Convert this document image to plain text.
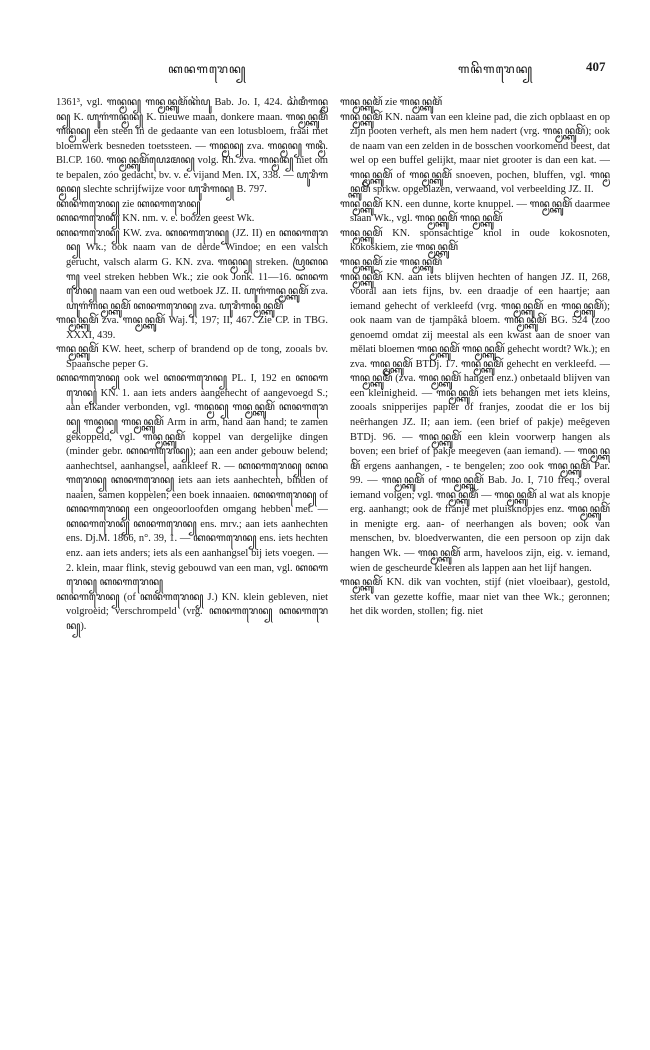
ꦏꦤꦒꦫꦺꦤ꧀	ꦒꦤꦼꦒꦫꦺꦤ꧀	407

1361³, vgl. ꦒꦤ꧀ꦩꦤ꧀ ꦒꦤ꧀ꦩꦤ꧀ꦏꦸꦩꦼꦂꦏꦼꦥꦸ Bab. Jo. I, 424. ꦱꦼꦩꦶꦒꦤ꧀ꦩꦤ꧀ K. ꦲꦸꦒꦁꦒꦤ꧀ꦩꦤ꧀ K. nieuwe maan, donkere maan. ꦒꦤ꧀ꦩꦤ꧀ꦏꦸꦩꦼꦂ ꦒꦤ꧀ꦩꦤ꧀ een steen in de gedaante van een lotusbloem, fraai met bloemwerk besneden toetssteen. — ꦒꦤ꧀ꦩꦤ꧀ zva. ꦒꦤ꧀ꦩꦤ꧀ ꦒꦤ꧀ꦩꦶ. Bl.CP. 160. ꦒꦤ꧀ꦩꦤ꧀ꦏꦸꦩꦼꦂꦥꦺꦴꦩꦤ꧀ volg. Rh. zva. ꦒꦤ꧀ꦩꦤ꧀ niet om te bepalen, zóo gedacht, bv. v. e. vijand Men. IX, 338. — ꦲꦸꦫꦶꦒꦤ꧀ꦩꦤ꧀ slechte schrijfwijze voor ꦲꦸꦫꦶꦒꦤ꧀ B. 797.

ꦏꦤꦒꦫꦺꦤ꧀ zie ꦏꦤꦒꦫꦺꦤ꧀

ꦏꦤꦒꦫꦺꦤ꧀ KN. nm. v. e. boozen geest Wk.

ꦏꦤꦒꦫꦺꦤ꧀ KW. zva. ꦏꦤꦒꦫꦺꦤ꧀ (JZ. II) en ꦏꦤꦒꦫꦺꦤ꧀ Wk.; ook naam van de derde Windoe; en een valsch gerucht, valsch alarm G. KN. zva. ꦒꦤ꧀ꦩꦤ꧀ streken. ꦥꦿꦏꦤꦒ꧀ veel streken hebben Wk.; zie ook Jonk. 11—16. ꦏꦤꦒꦫꦺꦤ꧀ naam van een oud wetboek JZ. II. ꦲꦸꦒꦁꦒꦤ꧀ꦩꦤ꧀ꦏꦸꦩꦼꦂ zva. ꦲꦸꦒꦁꦒꦤ꧀ꦩꦤ꧀ꦏꦸꦩꦼꦂ ꦏꦤꦒꦫꦺꦤ꧀ zva. ꦲꦸꦫꦶꦒꦤ꧀ꦩꦤ꧀ꦏꦸꦩꦼꦂ

ꦒꦤ꧀ꦩꦤ꧀ꦏꦸꦩꦼꦂ zva. ꦒꦤ꧀ꦩꦤ꧀ꦏꦸꦩꦼꦂ Waj. I, 197; II, 467. Zie CP. in TBG. XXXI, 439.

ꦒꦤ꧀ꦩꦤ꧀ꦏꦸꦩꦼꦂ KW. heet, scherp of brandend op de tong, zooals bv. Spaansche peper G.

ꦏꦤꦒꦫꦺꦤ꧀ ook wel ꦏꦤꦒꦫꦺꦤ꧀ PL. I, 192 en ꦏꦤꦒꦫꦺꦤ꧀ KN. 1. aan iets anders aangehecht of aangevoegd S.; aan elkander verbonden, vgl. ꦒꦤ꧀ꦩꦤ꧀ ꦒꦤ꧀ꦩꦤ꧀ꦏꦸꦩꦼꦂ ꦏꦤꦒꦫꦺꦤ꧀ ꦒꦤ꧀ꦩꦤ꧀ ꦒꦤ꧀ꦩꦤ꧀ꦏꦸꦩꦼꦂ Arm in arm, hand aan hand; te zamen gekoppeld, vgl. ꦒꦤ꧀ꦩꦤ꧀ꦏꦸꦩꦼꦂ koppel van dergelijke dingen (minder gebr. ꦏꦤꦒꦫꦺꦤ꧀); aan een ander gebouw belend; aanhechtsel, aanhangsel, aankleef R. — ꦏꦤꦒꦫꦺꦤ꧀ ꦏꦤꦒꦫꦺꦤ꧀ ꦏꦤꦒꦫꦺꦤ꧀ iets aan iets aanhechten, binden of naaien, samen koppelen; een boek innaaien. ꦏꦤꦒꦫꦺꦤ꧀ of ꦏꦤꦒꦫꦺꦤ꧀ een ongeoorloofden omgang hebben met. — ꦏꦤꦒꦫꦺꦤ꧀ ꦏꦤꦒꦫꦺꦤ꧀ ens. mrv.; aan iets aanhechten ens. Dj.M. 1866, n°. 39, 1. — ꦏꦤꦒꦫꦺꦤ꧀ ens. iets hechten enz. aan iets anders; iets als een aanhangsel bij iets voegen. — 2. klein, maar flink, stevig gebouwd van een man, vgl. ꦏꦤꦒꦫꦺꦤ꧀ ꦏꦤꦒꦫꦺꦤ꧀

ꦏꦤꦒꦫꦺꦤ꧀ (of ꦏꦤꦒꦫꦺꦤ꧀ J.) KN. klein gebleven, niet volgroeid; verschrompeld (vrg. ꦏꦤꦒꦫꦺꦤ꧀ ꦏꦤꦒꦫꦺꦤ꧀).

ꦒꦤ꧀ꦩꦤ꧀ꦏꦸꦩꦼꦂ zie ꦒꦤ꧀ꦩꦤ꧀ꦏꦸꦩꦼꦂ

ꦒꦤ꧀ꦩꦤ꧀ꦏꦸꦩꦼꦂ KN. naam van een kleine pad, die zich opblaast en op zijn pooten verheft, als men hem nadert (vrg. ꦒꦤ꧀ꦩꦤ꧀ꦏꦸꦩꦼꦂ); ook de naam van een zelden in de bosschen voorkomend beest, dat wel op een buffel gelijkt, maar niet grooter is dan een kat. — ꦒꦤ꧀ꦩꦤ꧀ꦏꦸꦩꦼꦂ of ꦒꦤ꧀ꦩꦤ꧀ꦏꦸꦩꦼꦂ snoeven, pochen, bluffen, vgl. ꦒꦤ꧀ꦩꦤ꧀ꦏꦸꦩꦼꦂ sprkw. opgeblazen, verwaand, vol verbeelding JZ. II.

ꦒꦤ꧀ꦩꦤ꧀ꦏꦸꦩꦼꦂ KN. een dunne, korte knuppel. — ꦒꦤ꧀ꦩꦤ꧀ꦏꦸꦩꦼꦂ daarmee slaan Wk., vgl. ꦒꦤ꧀ꦩꦤ꧀ꦏꦸꦩꦼꦂ ꦒꦤ꧀ꦩꦤ꧀ꦏꦸꦩꦼꦂ

ꦒꦤ꧀ꦩꦤ꧀ꦏꦸꦩꦼꦂ KN. sponsachtige knol in oude kokosnoten, kokoskiem, zie ꦒꦤ꧀ꦩꦤ꧀ꦏꦸꦩꦼꦂ

ꦒꦤ꧀ꦩꦤ꧀ꦏꦸꦩꦼꦂ zie ꦒꦤ꧀ꦩꦤ꧀ꦏꦸꦩꦼꦂ

ꦒꦤ꧀ꦩꦤ꧀ꦏꦸꦩꦼꦂ KN. aan iets blijven hechten of hangen JZ. II, 268, vooral aan iets fijns, bv. een draadje of een haartje; aan iemand gehecht of verkleefd (vrg. ꦒꦤ꧀ꦩꦤ꧀ꦏꦸꦩꦼꦂ en ꦒꦤ꧀ꦩꦤ꧀ꦏꦸꦩꦼꦂ); ook naam van de tjampåkå bloem. ꦒꦤ꧀ꦩꦤ꧀ꦏꦸꦩꦼꦂ BG. 524 (zoo genoemd omdat zij meestal als een kwast aan de snoer van mělati bloemen ꦒꦤ꧀ꦩꦤ꧀ꦏꦸꦩꦼꦂ ꦒꦤ꧀ꦩꦤ꧀ꦏꦸꦩꦼꦂ gehecht wordt? Wk.); en zva. ꦒꦤ꧀ꦩꦤ꧀ꦏꦸꦩꦼꦂ BTDj. 17. ꦒꦤ꧀ꦩꦤ꧀ꦏꦸꦩꦼꦂ gehecht en verkleefd. — ꦒꦤ꧀ꦩꦤ꧀ꦏꦸꦩꦼꦂ (zva. ꦒꦤ꧀ꦩꦤ꧀ꦏꦸꦩꦼꦂ hangen enz.) onbetaald blijven van een kleinigheid. — ꦒꦤ꧀ꦩꦤ꧀ꦏꦸꦩꦼꦂ iets behangen met iets kleins, zooals snipperijes papier of franjes, zoodat die er los bij neêrhangen JZ. II; aan iem. (een brief of pakje) meêgeven BTDj. 96. — ꦒꦤ꧀ꦩꦤ꧀ꦏꦸꦩꦼꦂ een klein voorwerp hangen als boven; een brief of pakje meegeven (aan iemand). — ꦒꦤ꧀ꦩꦤ꧀ꦏꦸꦩꦼꦂ ergens aanhangen, - te bengelen; zoo ook ꦒꦤ꧀ꦩꦤ꧀ꦏꦸꦩꦼꦂ Par. 99. — ꦒꦤ꧀ꦩꦤ꧀ꦏꦸꦩꦼꦂ of ꦒꦤ꧀ꦩꦤ꧀ꦏꦸꦩꦼꦂ Bab. Jo. I, 710 freq.; overal iemand volgen; vgl. ꦒꦤ꧀ꦩꦤ꧀ꦏꦸꦩꦼꦂ — ꦒꦤ꧀ꦩꦤ꧀ꦏꦸꦩꦼꦂ al wat als knopje erg. aanhangt; ook de franje met pluisknopjes enz. ꦒꦤ꧀ꦩꦤ꧀ꦏꦸꦩꦼꦂ in menigte erg. aan- of neerhangen als boven; ook van menschen, bv. bloedverwanten, die een persoon op zijn dak hangen Wk. — ꦒꦤ꧀ꦩꦤ꧀ꦏꦸꦩꦼꦂ arm, haveloos zijn, eig. v. iemand, wien de gescheurde kleeren als lappen aan het lijf hangen.

ꦒꦤ꧀ꦩꦤ꧀ꦏꦸꦩꦼꦂ KN. dik van vochten, stijf (niet vloeibaar), gestold, sterk van gezette koffie, maar niet van thee Wk.; geronnen; het dik worden, stollen; fig. niet
